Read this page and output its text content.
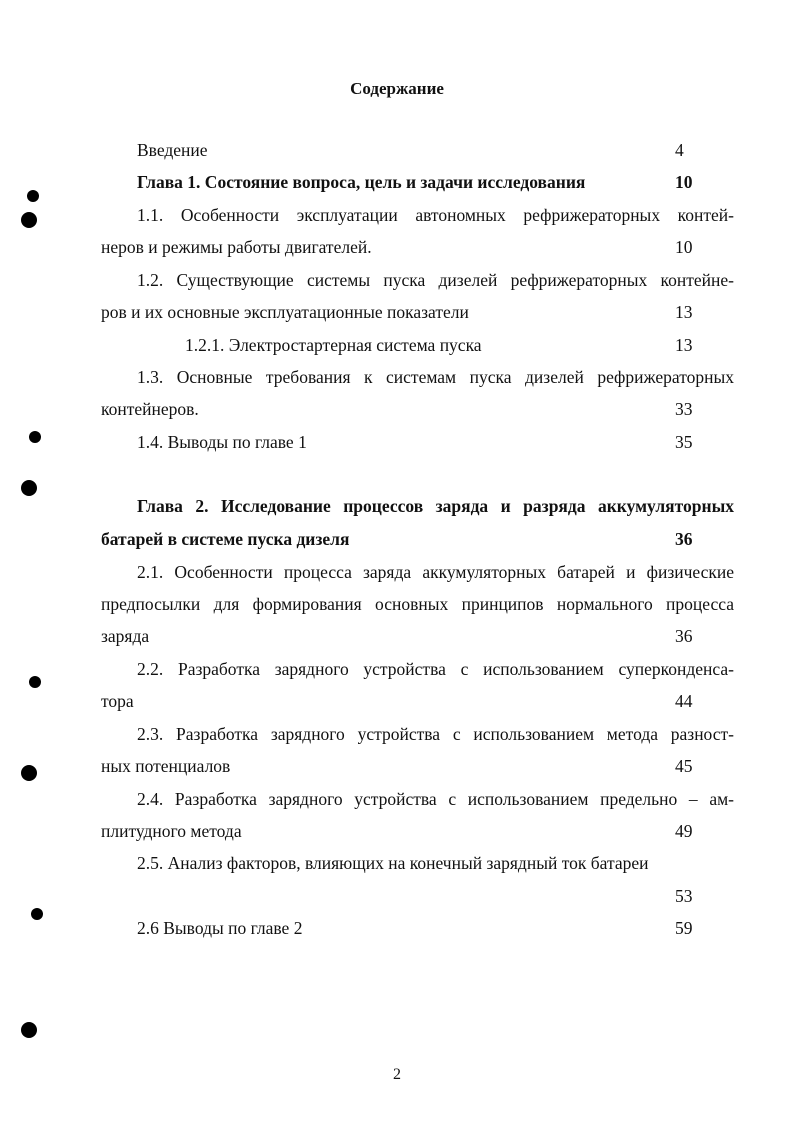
Содержание
Введение	4
Глава 1. Состояние вопроса, цель и задачи исследования	10
1.1. Особенности эксплуатации автономных рефрижераторных контей-
неров и режимы работы двигателей.	10
1.2. Существующие системы пуска дизелей рефрижераторных контейне-
ров и их основные эксплуатационные показатели	13
1.2.1. Электростартерная система пуска	13
1.3. Основные требования к системам пуска дизелей рефрижераторных
контейнеров.	33
1.4. Выводы по главе 1	35
Глава 2. Исследование процессов заряда и разряда аккумуляторных
батарей в системе пуска дизеля	36
2.1. Особенности процесса заряда аккумуляторных батарей и физические
предпосылки для формирования основных принципов нормального процесса
заряда	36
2.2. Разработка зарядного устройства с использованием суперконденса-
тора	44
2.3. Разработка зарядного устройства с использованием метода разност-
ных потенциалов	45
2.4. Разработка зарядного устройства с использованием предельно – ам-
плитудного метода	49
2.5. Анализ факторов, влияющих на конечный зарядный ток батареи
53
2.6 Выводы по главе 2	59
2
